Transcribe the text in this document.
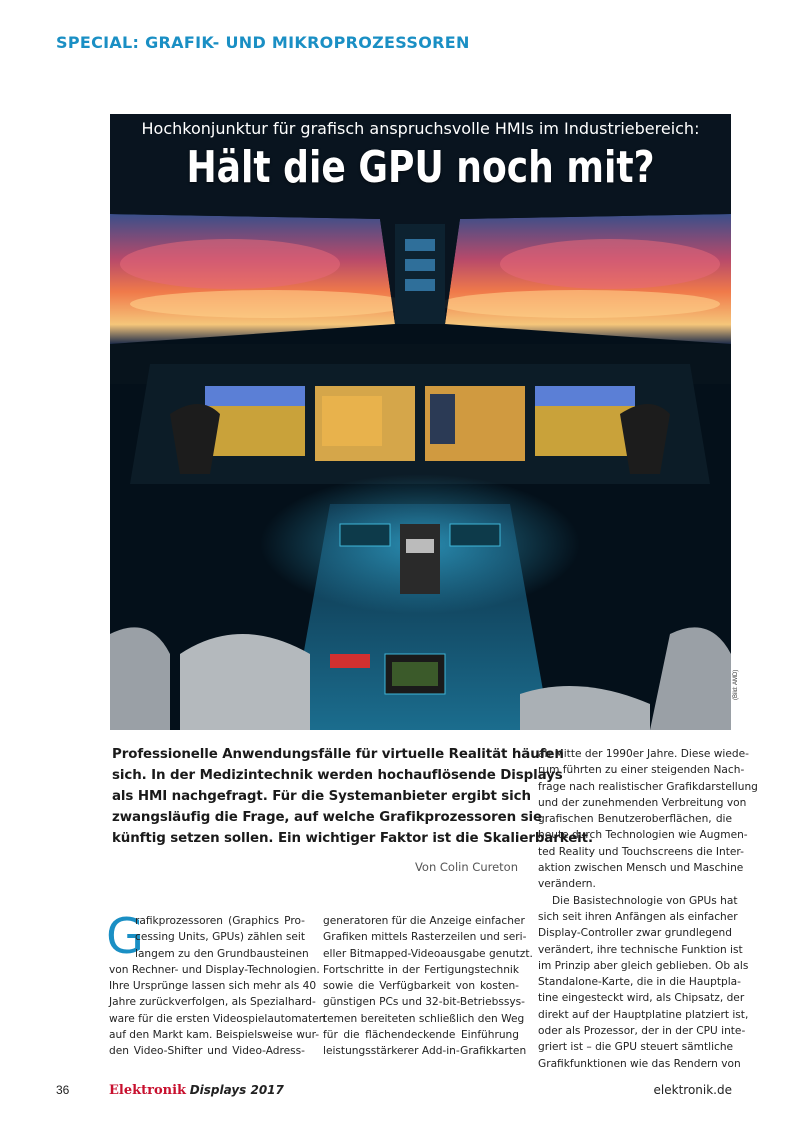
SPECIAL: GRAFIK- UND MIKROPROZESSOREN
Hochkonjunktur für grafisch anspruchsvolle HMIs im Industriebereich:
Hält die GPU noch mit?
(Bild: AMD)
Professionelle Anwendungsfälle für virtuelle Realität häufen
sich. In der Medizintechnik werden hochauflösende Displays
als HMI nachgefragt. Für die Systemanbieter ergibt sich
zwangsläufig die Frage, auf welche Grafikprozessoren sie
künftig setzen sollen. Ein wichtiger Faktor ist die Skalierbarkeit.
Von Colin Cureton
G
rafikprozessoren (Graphics Pro-
cessing Units, GPUs) zählen seit
langem zu den Grundbausteinen
von Rechner- und Display-Technologien.
Ihre Ursprünge lassen sich mehr als 40
Jahre zurückverfolgen, als Spezialhard-
ware für die ersten Videospielautomaten
auf den Markt kam. Beispielsweise wur-
den Video-Shifter und Video-Adress-
generatoren für die Anzeige einfacher
Grafiken mittels Rasterzeilen und seri-
eller Bitmapped-Videoausgabe genutzt.
Fortschritte in der Fertigungstechnik
sowie die Verfügbarkeit von kosten-
günstigen PCs und 32-bit-Betriebssys-
temen bereiteten schließlich den Weg
für die flächendeckende Einführung
leistungsstärkerer Add-in-Grafikkarten
ab Mitte der 1990er Jahre. Diese wiede-
rum führten zu einer steigenden Nach-
frage nach realistischer Grafikdarstellung
und der zunehmenden Verbreitung von
grafischen Benutzeroberflächen, die
heute durch Technologien wie Augmen-
ted Reality und Touchscreens die Inter-
aktion zwischen Mensch und Maschine
verändern.
Die Basistechnologie von GPUs hat
sich seit ihren Anfängen als einfacher
Display-Controller zwar grundlegend
verändert, ihre technische Funktion ist
im Prinzip aber gleich geblieben. Ob als
Standalone-Karte, die in die Hauptpla-
tine eingesteckt wird, als Chipsatz, der
direkt auf der Hauptplatine platziert ist,
oder als Prozessor, der in der CPU inte-
griert ist – die GPU steuert sämtliche
Grafikfunktionen wie das Rendern von
36	Elektronik Displays 2017	elektronik.de
